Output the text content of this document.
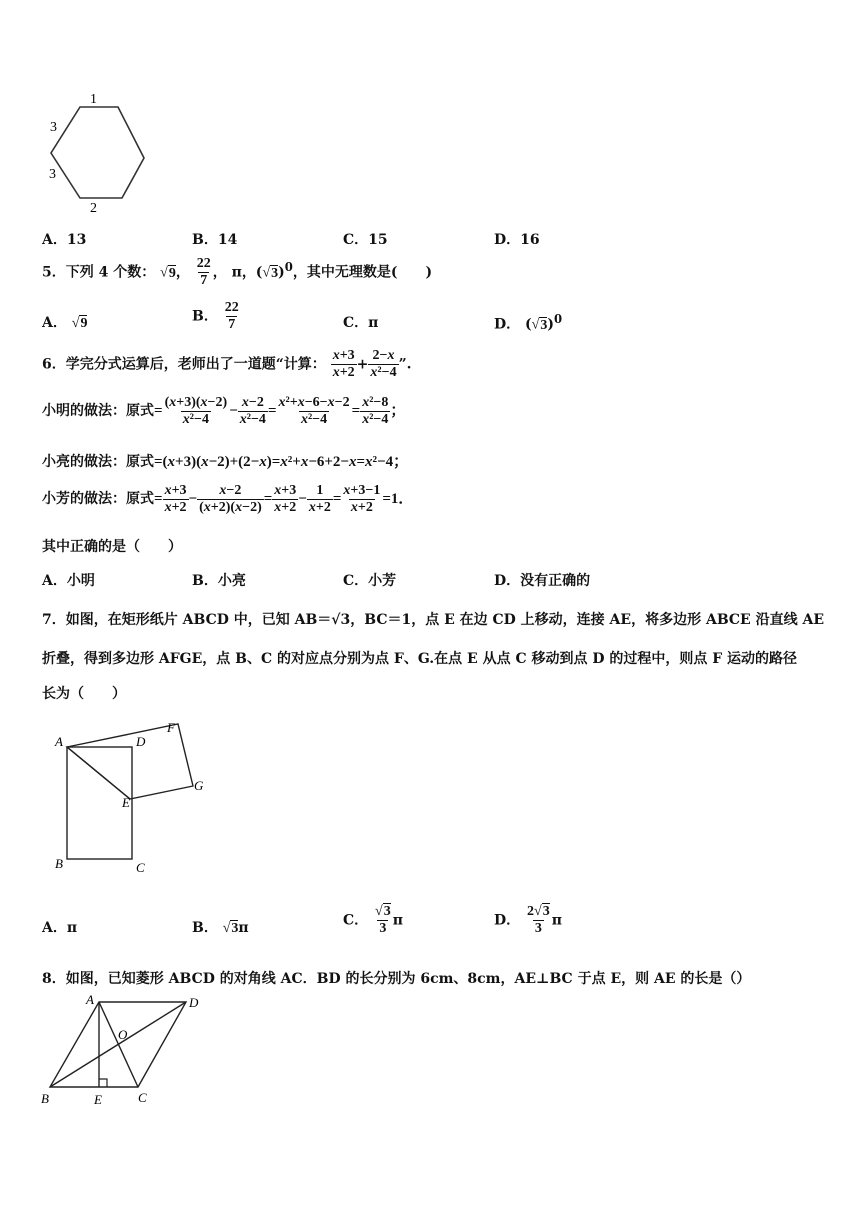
1
3
3
2
A．13	B．14	C．15	D．16
5．下列 4 个数： √9， $\frac{22}{7}$ ， π，$(√3)^0$，其中无理数是(　　)
A． √9	B． $\frac{22}{7}$	C．π	D． $(√3)^0$
6．学完分式运算后，老师出了一道题“计算： $\frac{x+3}{x+2} + \frac{2-x}{\text{x²−4}}$ ”.
小明的做法：原式= $\frac{(x+3)(x-2)}{\text{x²−4}} - \frac{x-2}{\text{x²−4}} = \frac{\text{x²+x−6−x−2}}{\text{x²−4}} = \frac{\text{x²−8}}{\text{x²−4}}$ ；
小亮的做法：原式=(x+3)(x−2)+(2−x)=x²+x−6+2−x=x²−4；
小芳的做法：原式= $\frac{x+3}{x+2} - \frac{x-2}{(x+2)(x-2)} = \frac{x+3}{x+2} - \frac{1}{x+2} = \frac{x+3-1}{x+2} =1$．
其中正确的是（　　）
A．小明	B．小亮	C．小芳	D．没有正确的
7．如图，在矩形纸片 ABCD 中，已知 AB＝√3，BC＝1，点 E 在边 CD 上移动，连接 AE，将多边形 ABCE 沿直线 AE
折叠，得到多边形 AFGE，点 B、C 的对应点分别为点 F、G.在点 E 从点 C 移动到点 D 的过程中，则点 F 运动的路径
长为（　　）
A	D
F
E
G
B	C
A．π	B． √3π	C． $\frac{√3}{3}$ π	D． $\frac{2√3}{3}$ π
8．如图，已知菱形 ABCD 的对角线 AC．BD 的长分别为 6cm、8cm，AE⊥BC 于点 E，则 AE 的长是（）
A	D
O
B	E	C
